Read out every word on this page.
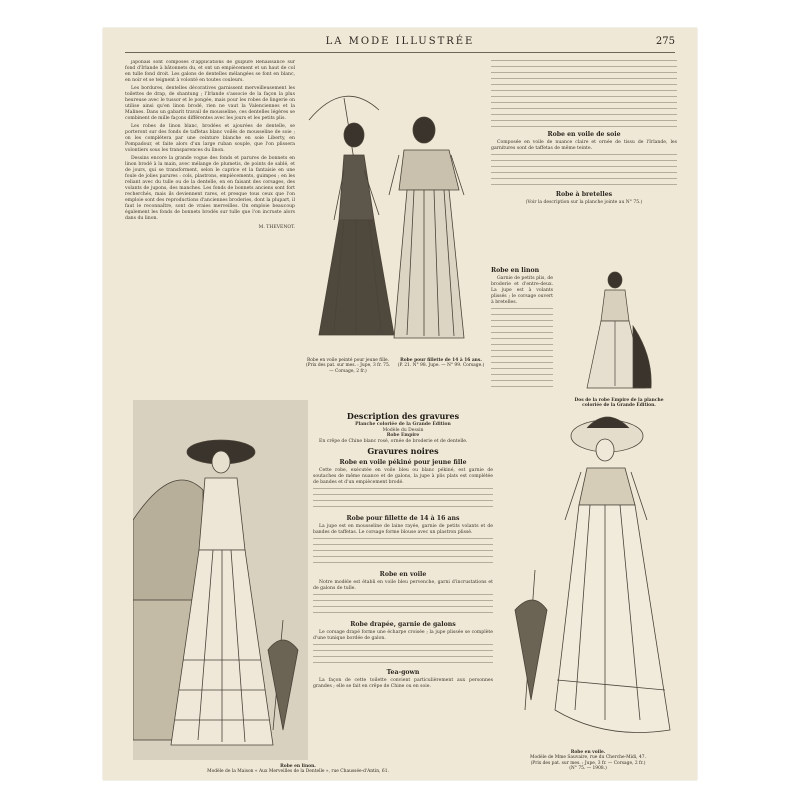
LA MODE ILLUSTRÉE	275

japonais sont composés d'applications de guipure Renaissance sur fond d'Irlande à bâtonnets du, et ont un empiècement et un haut de col en tulle fond droit. Les galons de dentelles mélangées se font en blanc, en noir et se teignent à volonté en toutes couleurs.

Les bordures, dentelles décoratives garnissent merveilleusement les toilettes de drap, de shantung ; l'Irlande s'associe de la façon la plus heureuse avec le tussor et le pongée, mais pour les robes de lingerie on utilise ainsi qu'en linon brodé, rien ne vaut la Valenciennes et la Malines. Dans un gabarit travail de mousseline, ces dentelles légères se combinent de mille façons différentes avec les jours et les petits plis.

Les robes de linon blanc, brodées et ajourées de dentelle, se porteront sur des fonds de taffetas blanc voilés de mousseline de soie ; on les complétera par une ceinture blanche en soie Liberty, en Pompadour, et faite alors d'un large ruban souple, que l'on plissera volontiers sous les transparences du linon.

Dessins encore la grande vogue des fonds et parures de bonnets en linon brodé à la main, avec mélange de plumetis, de points de sablé, et de jours, qui se transforment, selon le caprice et la fantaisie en une foule de jolies parures : cols, plastrons, empiècements, guimpes ; en les reliant avec du tulle ou de la dentelle, en en faisant des corsages, des volants de jupons, des manches. Les fonds de bonnets anciens sont fort recherchés, mais ils deviennent rares, et presque tous ceux que l'on emploie sont des reproductions d'anciennes broderies, dont la plupart, il faut le reconnaître, sont de vraies merveilles. On emploie beaucoup également les fonds de bonnets brodés sur tulle que l'on incruste alors dans du linon.

M. THEVENOT.

Robe en voile peinté pour jeune fille.
(Prix des pat. sur mes. : Jupe, 3 fr. 75. — Corsage, 2 fr.)
Robe pour fillette de 14 à 16 ans.
(P. 21. N° 98. Jupe. — N° 99. Corsage.)
Robe en voile de soie

Composée en voile de nuance claire et ornée de tissu de l'Irlande, les garnitures sont de taffetas de même teinte.

Robe à bretelles
(Voir la description sur la planche jointe au N° 75.)
Robe en linon

Garnie de petits plis, de broderie et d'entre-deux. La jupe est à volants plissés ; le corsage ouvert à bretelles.

Dos de la robe Empire de la planche coloriée de la Grande Édition.
Robe en linon.
Modèle de la Maison « Aux Merveilles de la Dentelle », rue Chaussée-d'Antin, 61.
Description des gravures
Planche coloriée de la Grande Édition
Modèle du Dessin
Robe Empire

En crêpe de Chine blanc rosé, ornée de broderie et de dentelle.

Gravures noires
Robe en voile pékiné pour jeune fille

Cette robe, exécutée en voile bleu ou blanc pékiné, est garnie de soutaches de même nuance et de galons, la jupe à plis plats est complétée de bandes et d'un empiècement brodé.

Robe pour fillette de 14 à 16 ans

La jupe est en mousseline de laine rayée, garnie de petits volants et de bandes de taffetas. Le corsage forme blouse avec un plastron plissé.

Robe en voile

Notre modèle est établi en voile bleu pervenche, garni d'incrustations et de galons de tulle.

Robe drapée, garnie de galons

Le corsage drapé forme une écharpe croisée ; la jupe plissée se complète d'une tunique bordée de galon.

Tea-gown

La façon de cette toilette convient particulièrement aux personnes grandes ; elle se fait en crêpe de Chine ou en soie.

Robe en voile.
Modèle de Mme Sauvaire, rue du Cherche-Midi, 47.
(Prix des pat. sur mes. : Jupe, 3 fr. — Corsage, 2 fr.)
(N° 75. — 1908.)
